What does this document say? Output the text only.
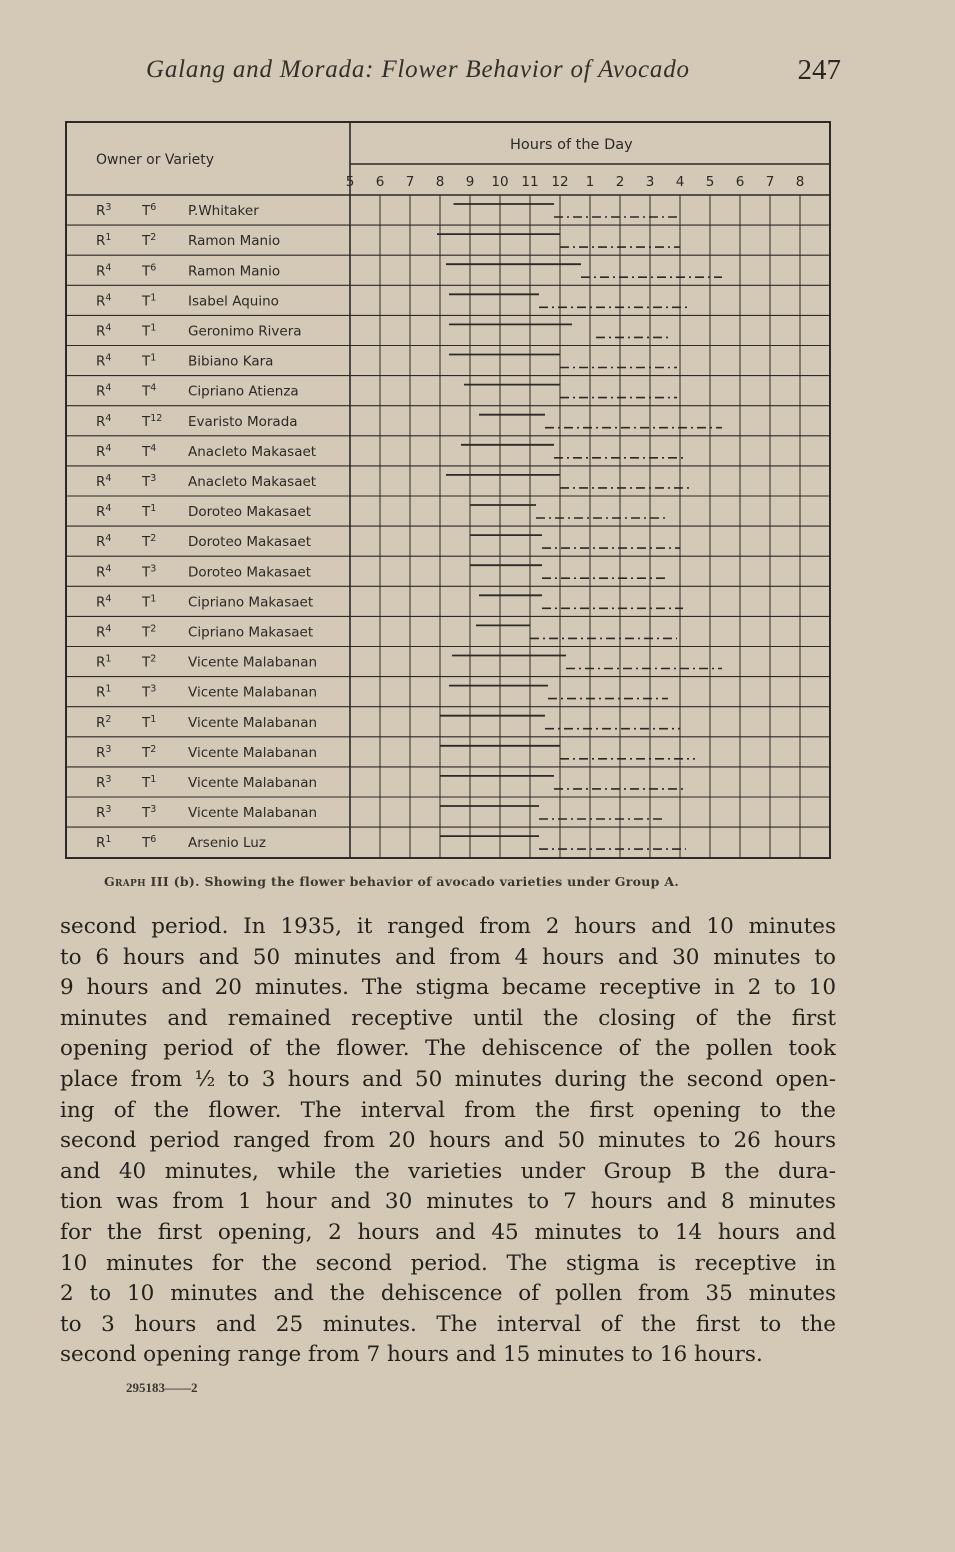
Galang and Morada: Flower Behavior of Avocado	247
Owner or Variety
Hours of the Day
5 6 7 8 9 10 11 12 1 2 3 4 5 6 7 8
$R^3$ $T^6$ P.Whitaker
$R^1$ $T^2$ Ramon Manio
$R^4$ $T^6$ Ramon Manio
$R^4$ $T^1$ Isabel Aquino
$R^4$ $T^1$ Geronimo Rivera
$R^4$ $T^1$ Bibiano Kara
$R^4$ $T^4$ Cipriano Atienza
$R^4$ $T^{12}$ Evaristo Morada
$R^4$ $T^4$ Anacleto Makasaet
$R^4$ $T^3$ Anacleto Makasaet
$R^4$ $T^1$ Doroteo Makasaet
$R^4$ $T^2$ Doroteo Makasaet
$R^4$ $T^3$ Doroteo Makasaet
$R^4$ $T^1$ Cipriano Makasaet
$R^4$ $T^2$ Cipriano Makasaet
$R^1$ $T^2$ Vicente Malabanan
$R^1$ $T^3$ Vicente Malabanan
$R^2$ $T^1$ Vicente Malabanan
$R^3$ $T^2$ Vicente Malabanan
$R^3$ $T^1$ Vicente Malabanan
$R^3$ $T^3$ Vicente Malabanan
$R^1$ $T^6$ Arsenio Luz
Graph III (b). Showing the flower behavior of avocado varieties under Group A.
second period. In 1935, it ranged from 2 hours and 10 minutes
to 6 hours and 50 minutes and from 4 hours and 30 minutes to
9 hours and 20 minutes. The stigma became receptive in 2 to 10
minutes and remained receptive until the closing of the first
opening period of the flower. The dehiscence of the pollen took
place from ½ to 3 hours and 50 minutes during the second open-
ing of the flower. The interval from the first opening to the
second period ranged from 20 hours and 50 minutes to 26 hours
and 40 minutes, while the varieties under Group B the dura-
tion was from 1 hour and 30 minutes to 7 hours and 8 minutes
for the first opening, 2 hours and 45 minutes to 14 hours and
10 minutes for the second period. The stigma is receptive in
2 to 10 minutes and the dehiscence of pollen from 35 minutes
to 3 hours and 25 minutes. The interval of the first to the
second opening range from 7 hours and 15 minutes to 16 hours.
295183——2
